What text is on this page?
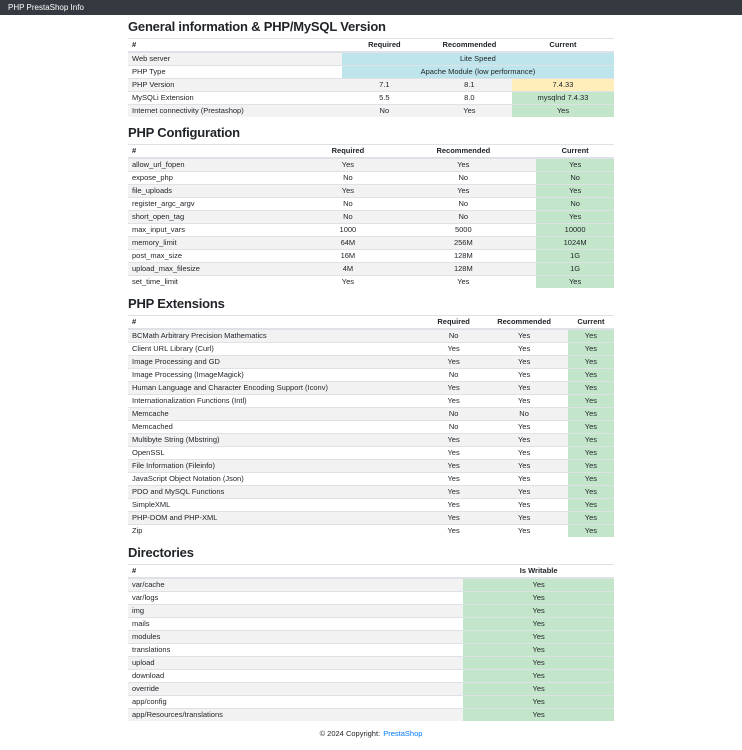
PHP PrestaShop Info
General information & PHP/MySQL Version
#	Required	Recommended	Current
Web server	Lite Speed		
PHP Type	Apache Module (low performance)		
PHP Version	7.1	8.1	7.4.33
MySQLi Extension	5.5	8.0	mysqlnd 7.4.33
Internet connectivity (Prestashop)	No	Yes	Yes
PHP Configuration
#	Required	Recommended	Current
allow_url_fopen	Yes	Yes	Yes
expose_php	No	No	No
file_uploads	Yes	Yes	Yes
register_argc_argv	No	No	No
short_open_tag	No	No	Yes
max_input_vars	1000	5000	10000
memory_limit	64M	256M	1024M
post_max_size	16M	128M	1G
upload_max_filesize	4M	128M	1G
set_time_limit	Yes	Yes	Yes
PHP Extensions
#	Required	Recommended	Current
BCMath Arbitrary Precision Mathematics	No	Yes	Yes
Client URL Library (Curl)	Yes	Yes	Yes
Image Processing and GD	Yes	Yes	Yes
Image Processing (ImageMagick)	No	Yes	Yes
Human Language and Character Encoding Support (Iconv)	Yes	Yes	Yes
Internationalization Functions (Intl)	Yes	Yes	Yes
Memcache	No	No	Yes
Memcached	No	Yes	Yes
Multibyte String (Mbstring)	Yes	Yes	Yes
OpenSSL	Yes	Yes	Yes
File Information (Fileinfo)	Yes	Yes	Yes
JavaScript Object Notation (Json)	Yes	Yes	Yes
PDO and MySQL Functions	Yes	Yes	Yes
SimpleXML	Yes	Yes	Yes
PHP-DOM and PHP-XML	Yes	Yes	Yes
Zip	Yes	Yes	Yes
Directories
#	Is Writable
var/cache	Yes
var/logs	Yes
img	Yes
mails	Yes
modules	Yes
translations	Yes
upload	Yes
download	Yes
override	Yes
app/config	Yes
app/Resources/translations	Yes
© 2024 Copyright: PrestaShop
